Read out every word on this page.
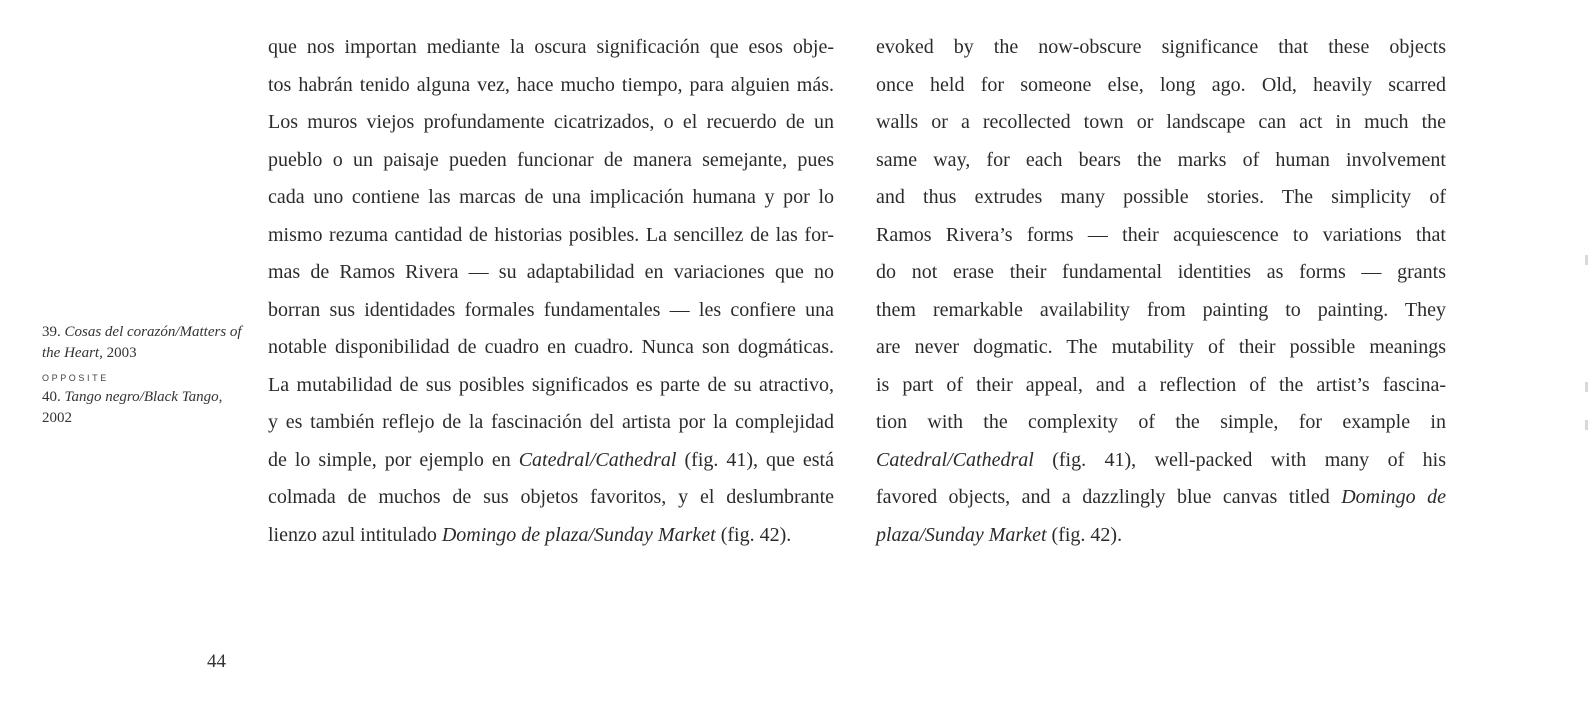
39. Cosas del corazón/Matters of the Heart, 2003

OPPOSITE

40. Tango negro/Black Tango, 2002

que nos importan mediante la oscura significación que esos obje-
tos habrán tenido alguna vez, hace mucho tiempo, para alguien más.
Los muros viejos profundamente cicatrizados, o el recuerdo de un
pueblo o un paisaje pueden funcionar de manera semejante, pues
cada uno contiene las marcas de una implicación humana y por lo
mismo rezuma cantidad de historias posibles. La sencillez de las for-
mas de Ramos Rivera — su adaptabilidad en variaciones que no
borran sus identidades formales fundamentales — les confiere una
notable disponibilidad de cuadro en cuadro. Nunca son dogmáticas.
La mutabilidad de sus posibles significados es parte de su atractivo,
y es también reflejo de la fascinación del artista por la complejidad
de lo simple, por ejemplo en Catedral/Cathedral (fig. 41), que está
colmada de muchos de sus objetos favoritos, y el deslumbrante
lienzo azul intitulado Domingo de plaza/Sunday Market (fig. 42).
evoked by the now-obscure significance that these objects
once held for someone else, long ago. Old, heavily scarred
walls or a recollected town or landscape can act in much the
same way, for each bears the marks of human involvement
and thus extrudes many possible stories. The simplicity of
Ramos Rivera’s forms — their acquiescence to variations that
do not erase their fundamental identities as forms — grants
them remarkable availability from painting to painting. They
are never dogmatic. The mutability of their possible meanings
is part of their appeal, and a reflection of the artist’s fascina-
tion with the complexity of the simple, for example in
Catedral/Cathedral (fig. 41), well-packed with many of his
favored objects, and a dazzlingly blue canvas titled Domingo de
plaza/Sunday Market (fig. 42).
44
